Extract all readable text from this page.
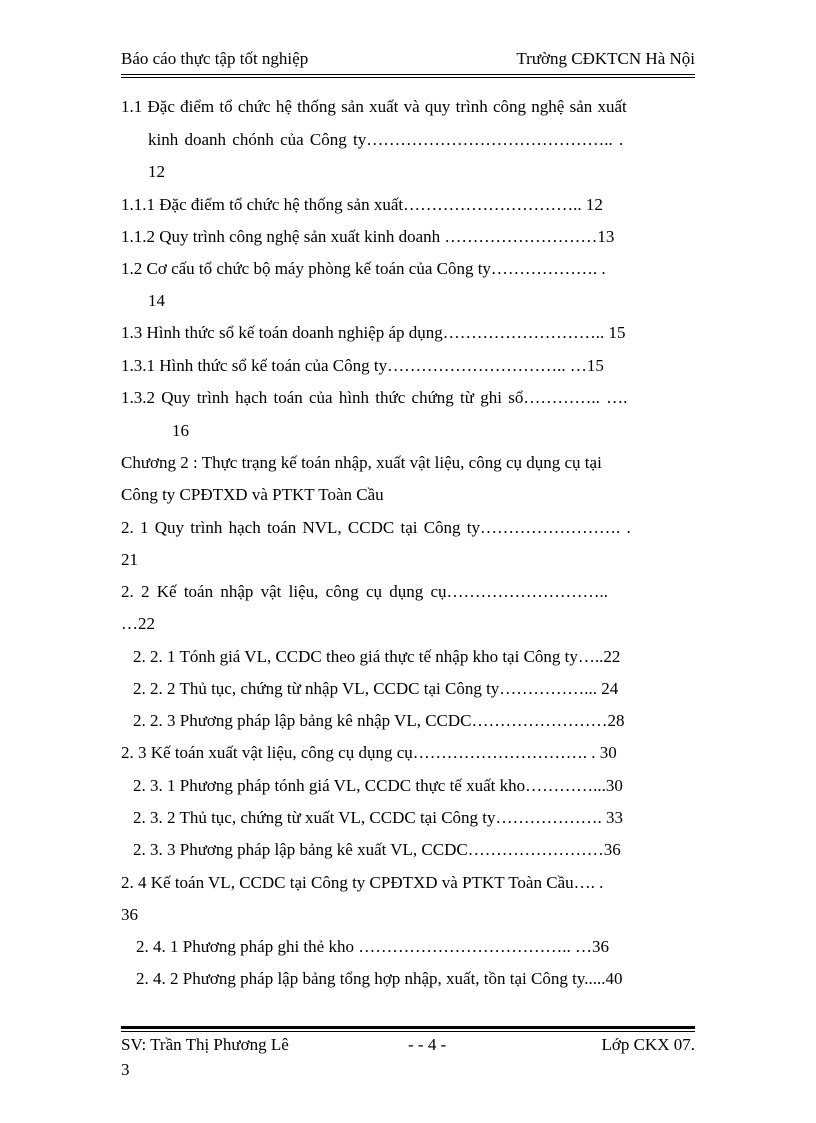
Báo cáo thực tập tốt nghiệp	Trường CĐKTCN Hà Nội
1.1 Đặc điểm tổ chức hệ thống sản xuất và quy trình công nghệ sản xuất
kinh doanh chónh của Công ty…………………………………….. .
12
1.1.1 Đặc điểm tổ chức hệ thống sản xuất………………………….. 12
1.1.2 Quy trình công nghệ sản xuất kinh doanh ………………………13
1.2 Cơ cấu tổ chức bộ máy phòng kế toán của Công ty………………. .
14
1.3 Hình thức sổ kế toán doanh nghiệp áp dụng……………………….. 15
1.3.1 Hình thức sổ kế toán của Công ty………………………….. …15
1.3.2 Quy trình hạch toán của hình thức chứng từ ghi sổ………….. ….
16
Chương 2 : Thực trạng kế toán nhập, xuất vật liệu, công cụ dụng cụ tại
Công ty CPĐTXD và PTKT Toàn Cầu
2. 1 Quy trình hạch toán NVL, CCDC tại Công ty……………………. .
21
2. 2 Kế toán nhập vật liệu, công cụ dụng cụ………………………..
…22
2. 2. 1 Tónh giá VL, CCDC theo giá thực tế nhập kho tại Công ty…..22
2. 2. 2 Thủ tục, chứng từ nhập VL, CCDC tại Công ty……………... 24
2. 2. 3 Phương pháp lập bảng kê nhập VL, CCDC……………………28
2. 3 Kế toán xuất vật liệu, công cụ dụng cụ…………………………. . 30
2. 3. 1 Phương pháp tónh giá VL, CCDC thực tế xuất kho…………...30
2. 3. 2 Thủ tục, chứng từ xuất VL, CCDC tại Công ty………………. 33
2. 3. 3 Phương pháp lập bảng kê xuất VL, CCDC……………………36
2. 4 Kế toán VL, CCDC tại Công ty CPĐTXD và PTKT Toàn Cầu…. .
36
2. 4. 1 Phương pháp ghi thẻ kho ……………………………….. …36
2. 4. 2 Phương pháp lập bảng tổng hợp nhập, xuất, tồn tại Công ty.....40
SV: Trần Thị Phương Lê
3
- - 4 -	Lớp CKX 07.
